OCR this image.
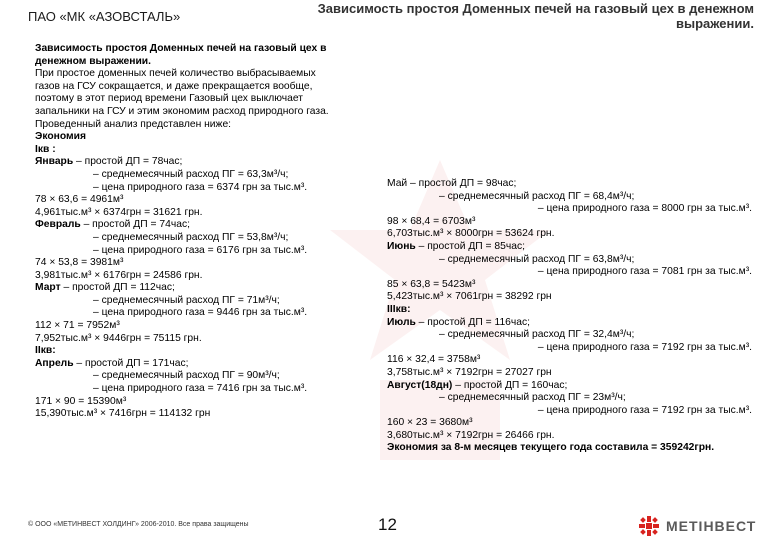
ПАО «МК «АЗОВСТАЛЬ»
Зависимость простоя Доменных печей на газовый цех в денежном выражении.
Зависимость простоя Доменных печей на газовый цех в
денежном выражении.
При простое доменных печей количество выбрасываемых
газов на ГСУ сокращается, и даже прекращается вообще,
поэтому в этот период времени Газовый цех выключает
запальники на ГСУ и этим экономим расход природного газа.
Проведенный анализ представлен ниже:
Экономия
Iкв :
Январь – простой ДП = 78час;
– среднемесячный расход ПГ = 63,3м³/ч;
– цена природного газа = 6374 грн за тыс.м³.
78 × 63,6 = 4961м³
4,961тыс.м³ × 6374грн = 31621 грн.
Февраль – простой ДП = 74час;
– среднемесячный расход ПГ = 53,8м³/ч;
– цена природного газа = 6176 грн за тыс.м³.
74 × 53,8 = 3981м³
3,981тыс.м³ × 6176грн = 24586 грн.
Март – простой ДП = 112час;
– среднемесячный расход ПГ = 71м³/ч;
– цена природного газа = 9446 грн за тыс.м³.
112 × 71 = 7952м³
7,952тыс.м³ × 9446грн = 75115 грн.
IIкв:
Апрель – простой ДП = 171час;
– среднемесячный расход ПГ = 90м³/ч;
– цена природного газа = 7416 грн за тыс.м³.
171 × 90 = 15390м³
15,390тыс.м³ × 7416грн = 114132 грн
Май – простой ДП = 98час;
– среднемесячный расход ПГ = 68,4м³/ч;
– цена природного газа = 8000 грн за тыс.м³.
98 × 68,4 = 6703м³
6,703тыс.м³ × 8000грн = 53624 грн.
Июнь – простой ДП = 85час;
– среднемесячный расход ПГ = 63,8м³/ч;
– цена природного газа = 7081 грн за тыс.м³.
85 × 63,8 = 5423м³
5,423тыс.м³ × 7061грн = 38292 грн
IIIкв:
Июль – простой ДП = 116час;
– среднемесячный расход ПГ = 32,4м³/ч;
– цена природного газа = 7192 грн за тыс.м³.
116 × 32,4 = 3758м³
3,758тыс.м³ × 7192грн = 27027 грн
Август(18дн) – простой ДП = 160час;
– среднемесячный расход ПГ = 23м³/ч;
– цена природного газа = 7192 грн за тыс.м³.
160 × 23 = 3680м³
3,680тыс.м³ × 7192грн = 26466 грн.
Экономия за 8-м месяцев текущего года составила = 359242грн.
© ООО «МЕТИНВЕСТ ХОЛДИНГ» 2006-2010. Все права защищены	12	МЕТІНВЕСТ
